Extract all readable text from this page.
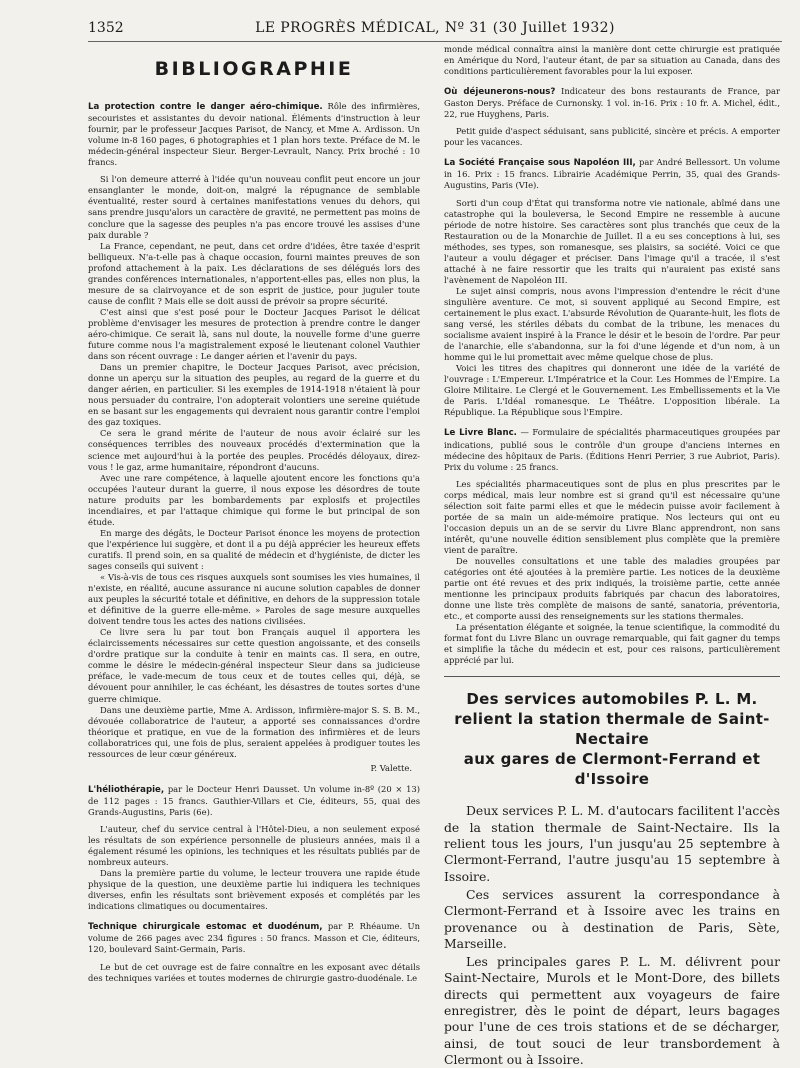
1352	LE PROGRÈS MÉDICAL, Nº 31 (30 Juillet 1932)
BIBLIOGRAPHIE

La protection contre le danger aéro-chimique. Rôle des infirmières, secouristes et assistantes du devoir national. Éléments d'instruction à leur fournir, par le professeur Jacques Parisot, de Nancy, et Mme A. Ardisson. Un volume in-8 160 pages, 6 photographies et 1 plan hors texte. Préface de M. le médecin-général inspecteur Sieur. Berger-Levrault, Nancy. Prix broché : 10 francs.

Si l'on demeure atterré à l'idée qu'un nouveau conflit peut encore un jour ensanglanter le monde, doit-on, malgré la répugnance de semblable éventualité, rester sourd à certaines manifestations venues du dehors, qui sans prendre jusqu'alors un caractère de gravité, ne permettent pas moins de conclure que la sagesse des peuples n'a pas encore trouvé les assises d'une paix durable ?

La France, cependant, ne peut, dans cet ordre d'idées, être taxée d'esprit belliqueux. N'a-t-elle pas à chaque occasion, fourni maintes preuves de son profond attachement à la paix. Les déclarations de ses délégués lors des grandes conférences internationales, n'apportent-elles pas, elles non plus, la mesure de sa clairvoyance et de son esprit de justice, pour juguler toute cause de conflit ? Mais elle se doit aussi de prévoir sa propre sécurité.

C'est ainsi que s'est posé pour le Docteur Jacques Parisot le délicat problème d'envisager les mesures de protection à prendre contre le danger aéro-chimique. Ce serait là, sans nul doute, la nouvelle forme d'une guerre future comme nous l'a magistralement exposé le lieutenant colonel Vauthier dans son récent ouvrage : Le danger aérien et l'avenir du pays.

Dans un premier chapitre, le Docteur Jacques Parisot, avec précision, donne un aperçu sur la situation des peuples, au regard de la guerre et du danger aérien, en particulier. Si les exemples de 1914-1918 n'étaient là pour nous persuader du contraire, l'on adopterait volontiers une sereine quiétude en se basant sur les engagements qui devraient nous garantir contre l'emploi des gaz toxiques.

Ce sera le grand mérite de l'auteur de nous avoir éclairé sur les conséquences terribles des nouveaux procédés d'extermination que la science met aujourd'hui à la portée des peuples. Procédés déloyaux, direz-vous ! le gaz, arme humanitaire, répondront d'aucuns.

Avec une rare compétence, à laquelle ajoutent encore les fonctions qu'a occupées l'auteur durant la guerre, il nous expose les désordres de toute nature produits par les bombardements par explosifs et projectiles incendiaires, et par l'attaque chimique qui forme le but principal de son étude.

En marge des dégâts, le Docteur Parisot énonce les moyens de protection que l'expérience lui suggère, et dont il a pu déjà apprécier les heureux effets curatifs. Il prend soin, en sa qualité de médecin et d'hygiéniste, de dicter les sages conseils qui suivent :

« Vis-à-vis de tous ces risques auxquels sont soumises les vies humaines, il n'existe, en réalité, aucune assurance ni aucune solution capables de donner aux peuples la sécurité totale et définitive, en dehors de la suppression totale et définitive de la guerre elle-même. » Paroles de sage mesure auxquelles doivent tendre tous les actes des nations civilisées.

Ce livre sera lu par tout bon Français auquel il apportera les éclaircissements nécessaires sur cette question angoissante, et des conseils d'ordre pratique sur la conduite à tenir en maints cas. Il sera, en outre, comme le désire le médecin-général inspecteur Sieur dans sa judicieuse préface, le vade-mecum de tous ceux et de toutes celles qui, déjà, se dévouent pour annihiler, le cas échéant, les désastres de toutes sortes d'une guerre chimique.

Dans une deuxième partie, Mme A. Ardisson, infirmière-major S. S. B. M., dévouée collaboratrice de l'auteur, a apporté ses connaissances d'ordre théorique et pratique, en vue de la formation des infirmières et de leurs collaboratrices qui, une fois de plus, seraient appelées à prodiguer toutes les ressources de leur cœur généreux.

P. Valette.

L'héliothérapie, par le Docteur Henri Dausset. Un volume in-8º (20 × 13) de 112 pages : 15 francs. Gauthier-Villars et Cie, éditeurs, 55, quai des Grands-Augustins, Paris (6e).

L'auteur, chef du service central à l'Hôtel-Dieu, a non seulement exposé les résultats de son expérience personnelle de plusieurs années, mais il a également résumé les opinions, les techniques et les résultats publiés par de nombreux auteurs.

Dans la première partie du volume, le lecteur trouvera une rapide étude physique de la question, une deuxième partie lui indiquera les techniques diverses, enfin les résultats sont brièvement exposés et complétés par les indications climatiques ou documentaires.

Technique chirurgicale estomac et duodénum, par P. Rhéaume. Un volume de 266 pages avec 234 figures : 50 francs. Masson et Cie, éditeurs, 120, boulevard Saint-Germain, Paris.

Le but de cet ouvrage est de faire connaître en les exposant avec détails des techniques variées et toutes modernes de chirurgie gastro-duodénale. Le

monde médical connaîtra ainsi la manière dont cette chirurgie est pratiquée en Amérique du Nord, l'auteur étant, de par sa situation au Canada, dans des conditions particulièrement favorables pour la lui exposer.

Où déjeunerons-nous? Indicateur des bons restaurants de France, par Gaston Derys. Préface de Curnonsky. 1 vol. in-16. Prix : 10 fr. A. Michel, édit., 22, rue Huyghens, Paris.

Petit guide d'aspect séduisant, sans publicité, sincère et précis. A emporter pour les vacances.

La Société Française sous Napoléon III, par André Bellessort. Un volume in 16. Prix : 15 francs. Librairie Académique Perrin, 35, quai des Grands-Augustins, Paris (VIe).

Sorti d'un coup d'État qui transforma notre vie nationale, abîmé dans une catastrophe qui la bouleversa, le Second Empire ne ressemble à aucune période de notre histoire. Ses caractères sont plus tranchés que ceux de la Restauration ou de la Monarchie de Juillet. Il a eu ses conceptions à lui, ses méthodes, ses types, son romanesque, ses plaisirs, sa société. Voici ce que l'auteur a voulu dégager et préciser. Dans l'image qu'il a tracée, il s'est attaché à ne faire ressortir que les traits qui n'auraient pas existé sans l'avènement de Napoléon III.

Le sujet ainsi compris, nous avons l'impression d'entendre le récit d'une singulière aventure. Ce mot, si souvent appliqué au Second Empire, est certainement le plus exact. L'absurde Révolution de Quarante-huit, les flots de sang versé, les stériles débats du combat de la tribune, les menaces du socialisme avaient inspiré à la France le désir et le besoin de l'ordre. Par peur de l'anarchie, elle s'abandonna, sur la foi d'une légende et d'un nom, à un homme qui le lui promettait avec même quelque chose de plus.

Voici les titres des chapitres qui donneront une idée de la variété de l'ouvrage : L'Empereur. L'Impératrice et la Cour. Les Hommes de l'Empire. La Gloire Militaire. Le Clergé et le Gouvernement. Les Embellissements et la Vie de Paris. L'Idéal romanesque. Le Théâtre. L'opposition libérale. La République. La République sous l'Empire.

Le Livre Blanc. — Formulaire de spécialités pharmaceutiques groupées par indications, publié sous le contrôle d'un groupe d'anciens internes en médecine des hôpitaux de Paris. (Éditions Henri Perrier, 3 rue Aubriot, Paris). Prix du volume : 25 francs.

Les spécialités pharmaceutiques sont de plus en plus prescrites par le corps médical, mais leur nombre est si grand qu'il est nécessaire qu'une sélection soit faite parmi elles et que le médecin puisse avoir facilement à portée de sa main un aide-mémoire pratique. Nos lecteurs qui ont eu l'occasion depuis un an de se servir du Livre Blanc apprendront, non sans intérêt, qu'une nouvelle édition sensiblement plus complète que la première vient de paraître.

De nouvelles consultations et une table des maladies groupées par catégories ont été ajoutées à la première partie. Les notices de la deuxième partie ont été revues et des prix indiqués, la troisième partie, cette année mentionne les principaux produits fabriqués par chacun des laboratoires, donne une liste très complète de maisons de santé, sanatoria, préventoria, etc., et comporte aussi des renseignements sur les stations thermales.

La présentation élégante et soignée, la tenue scientifique, la commodité du format font du Livre Blanc un ouvrage remarquable, qui fait gagner du temps et simplifie la tâche du médecin et est, pour ces raisons, particulièrement apprécié par lui.

Des services automobiles P. L. M.
relient la station thermale de Saint-Nectaire
aux gares de Clermont-Ferrand et d'Issoire

Deux services P. L. M. d'autocars facilitent l'accès de la station thermale de Saint-Nectaire. Ils la relient tous les jours, l'un jusqu'au 25 septembre à Clermont-Ferrand, l'autre jusqu'au 15 septembre à Issoire.

Ces services assurent la correspondance à Clermont-Ferrand et à Issoire avec les trains en provenance ou à destination de Paris, Sète, Marseille.

Les principales gares P. L. M. délivrent pour Saint-Nectaire, Murols et le Mont-Dore, des billets directs qui permettent aux voyageurs de faire enregistrer, dès le point de départ, leurs bagages pour l'une de ces trois stations et de se décharger, ainsi, de tout souci de leur transbordement à Clermont ou à Issoire.
